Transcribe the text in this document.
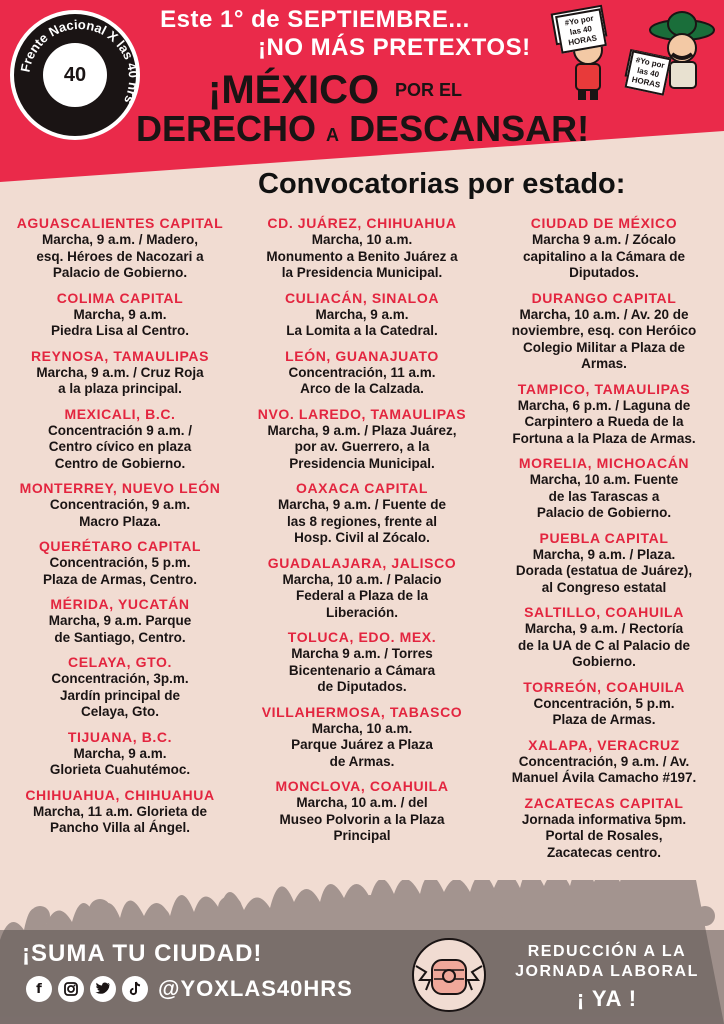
Frente Nacional X las 40 hrs
40
Este 1° de SEPTIEMBRE...
¡NO MÁS PRETEXTOS!
¡MÉXICO POR EL
DERECHO A DESCANSAR!
#Yo por las 40 HORAS
#Yo por las 40 HORAS
Convocatorias por estado:
AGUASCALIENTES CAPITAL
Marcha, 9 a.m. / Madero,
esq. Héroes de Nacozari a
Palacio de Gobierno.
COLIMA CAPITAL
Marcha, 9 a.m.
Piedra Lisa al Centro.
REYNOSA, TAMAULIPAS
Marcha, 9 a.m. / Cruz Roja
a la plaza principal.
MEXICALI, B.C.
Concentración 9 a.m. /
Centro cívico en plaza
Centro de Gobierno.
MONTERREY, NUEVO LEÓN
Concentración, 9 a.m.
Macro Plaza.
QUERÉTARO CAPITAL
Concentración, 5 p.m.
Plaza de Armas, Centro.
MÉRIDA, YUCATÁN
Marcha, 9 a.m. Parque
de Santiago, Centro.
CELAYA, GTO.
Concentración, 3p.m.
Jardín principal de
Celaya, Gto.
TIJUANA, B.C.
Marcha, 9 a.m.
Glorieta Cuahutémoc.
CHIHUAHUA, CHIHUAHUA
Marcha, 11 a.m. Glorieta de
Pancho Villa al Ángel.
CD. JUÁREZ, CHIHUAHUA
Marcha, 10 a.m.
Monumento a Benito Juárez a
la Presidencia Municipal.
CULIACÁN, SINALOA
Marcha, 9 a.m.
La Lomita a la Catedral.
LEÓN, GUANAJUATO
Concentración, 11 a.m.
Arco de la Calzada.
NVO. LAREDO, TAMAULIPAS
Marcha, 9 a.m. / Plaza Juárez,
por av. Guerrero, a la
Presidencia Municipal.
OAXACA CAPITAL
Marcha, 9 a.m. / Fuente de
las 8 regiones, frente al
Hosp. Civil al Zócalo.
GUADALAJARA, JALISCO
Marcha, 10 a.m. / Palacio
Federal a Plaza de la
Liberación.
TOLUCA, EDO. MEX.
Marcha 9 a.m. / Torres
Bicentenario a Cámara
de Diputados.
VILLAHERMOSA, TABASCO
Marcha, 10 a.m.
Parque Juárez a Plaza
de Armas.
MONCLOVA, COAHUILA
Marcha, 10 a.m. / del
Museo Polvorin a la Plaza
Principal
CIUDAD DE MÉXICO
Marcha 9 a.m. / Zócalo
capitalino a la Cámara de
Diputados.
DURANGO CAPITAL
Marcha, 10 a.m. / Av. 20 de
noviembre, esq. con Heróico
Colegio Militar a Plaza de
Armas.
TAMPICO, TAMAULIPAS
Marcha, 6 p.m. / Laguna de
Carpintero a Rueda de la
Fortuna a la Plaza de Armas.
MORELIA, MICHOACÁN
Marcha, 10 a.m. Fuente
de las Tarascas a
Palacio de Gobierno.
PUEBLA CAPITAL
Marcha, 9 a.m. / Plaza.
Dorada (estatua de Juárez),
al Congreso estatal
SALTILLO, COAHUILA
Marcha, 9 a.m. / Rectoría
de la UA de C al Palacio de
Gobierno.
TORREÓN, COAHUILA
Concentración, 5 p.m.
Plaza de Armas.
XALAPA, VERACRUZ
Concentración, 9 a.m. / Av.
Manuel Ávila Camacho #197.
ZACATECAS CAPITAL
Jornada informativa 5pm.
Portal de Rosales,
Zacatecas centro.
¡SUMA TU CIUDAD!
f	@YOXLAS40HRS
REDUCCIÓN A LA
JORNADA LABORAL
¡ YA !
